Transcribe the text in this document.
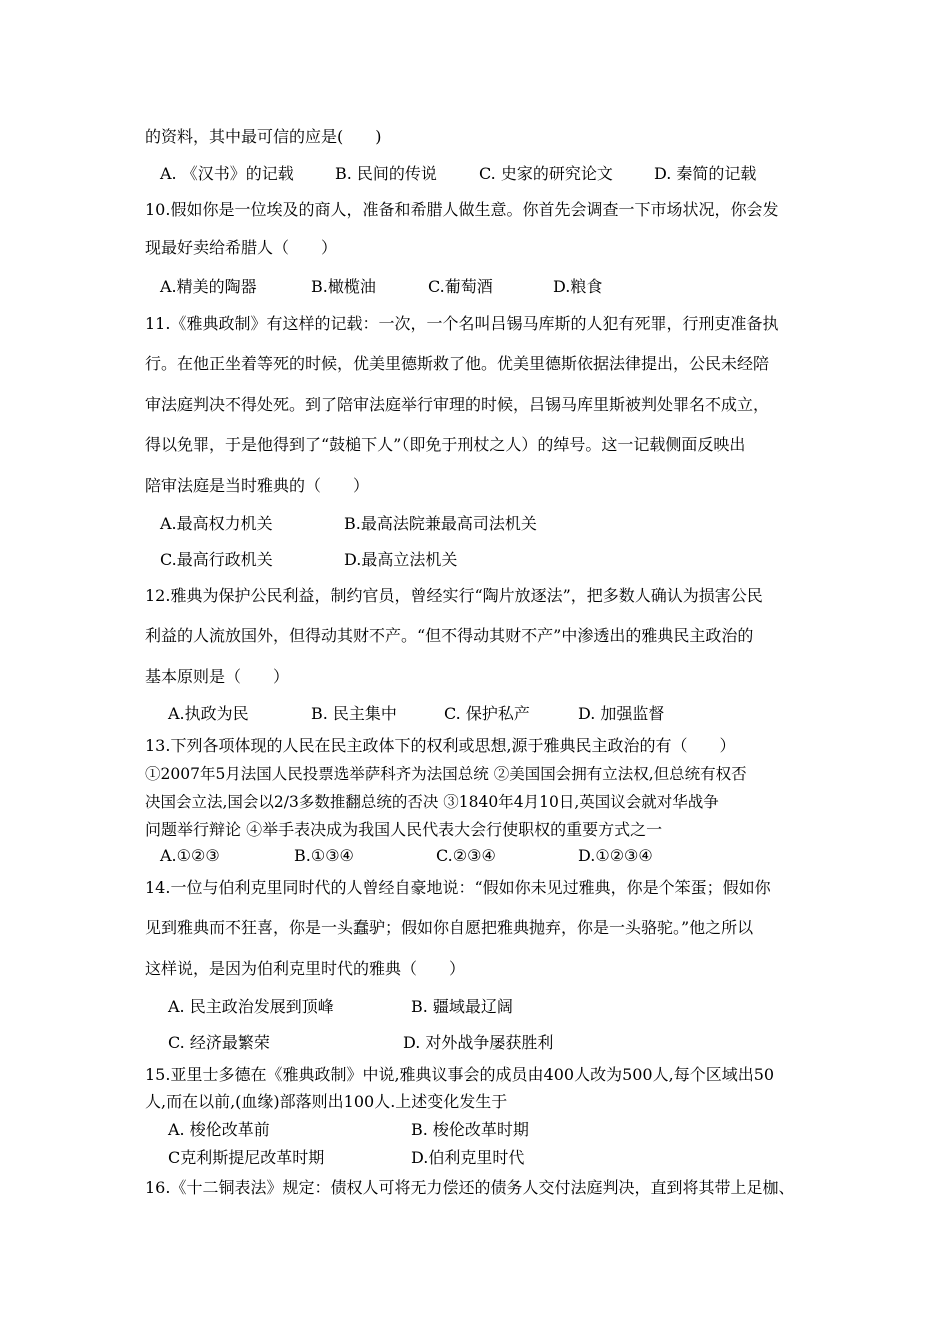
的资料，其中最可信的应是(　　)
A. 《汉书》的记载	B. 民间的传说	C. 史家的研究论文	D. 秦简的记载
10.假如你是一位埃及的商人，准备和希腊人做生意。你首先会调查一下市场状况，你会发
现最好卖给希腊人（　　）
A.精美的陶器	B.橄榄油	C.葡萄酒	D.粮食
11.《雅典政制》有这样的记载：一次，一个名叫吕锡马库斯的人犯有死罪，行刑吏准备执
行。在他正坐着等死的时候，优美里德斯救了他。优美里德斯依据法律提出，公民未经陪
审法庭判决不得处死。到了陪审法庭举行审理的时候，吕锡马库里斯被判处罪名不成立，
得以免罪，于是他得到了“鼓槌下人”（即免于刑杖之人）的绰号。这一记载侧面反映出
陪审法庭是当时雅典的（　　）
A.最高权力机关	B.最高法院兼最高司法机关
C.最高行政机关	D.最高立法机关
12.雅典为保护公民利益，制约官员，曾经实行“陶片放逐法”，把多数人确认为损害公民
利益的人流放国外，但得动其财不产。“但不得动其财不产”中渗透出的雅典民主政治的
基本原则是（　　）
A.执政为民	B. 民主集中	C. 保护私产	D. 加强监督
13.下列各项体现的人民在民主政体下的权利或思想,源于雅典民主政治的有（　　）
①2007年5月法国人民投票选举萨科齐为法国总统 ②美国国会拥有立法权,但总统有权否
决国会立法,国会以2∕3多数推翻总统的否决 ③1840年4月10日,英国议会就对华战争
问题举行辩论 ④举手表决成为我国人民代表大会行使职权的重要方式之一
A.①②③	B.①③④	C.②③④	D.①②③④
14.一位与伯利克里同时代的人曾经自豪地说：“假如你未见过雅典，你是个笨蛋；假如你
见到雅典而不狂喜，你是一头蠢驴；假如你自愿把雅典抛弃，你是一头骆驼。”他之所以
这样说，是因为伯利克里时代的雅典（　　）
A. 民主政治发展到顶峰	B. 疆域最辽阔
C. 经济最繁荣	D. 对外战争屡获胜利
15.亚里士多德在《雅典政制》中说,雅典议事会的成员由400人改为500人,每个区域出50
人,而在以前,(血缘)部落则出100人.上述变化发生于
A. 梭伦改革前	B. 梭伦改革时期
C克利斯提尼改革时期	D.伯利克里时代
16.《十二铜表法》规定：债权人可将无力偿还的债务人交付法庭判决，直到将其带上足枷、
